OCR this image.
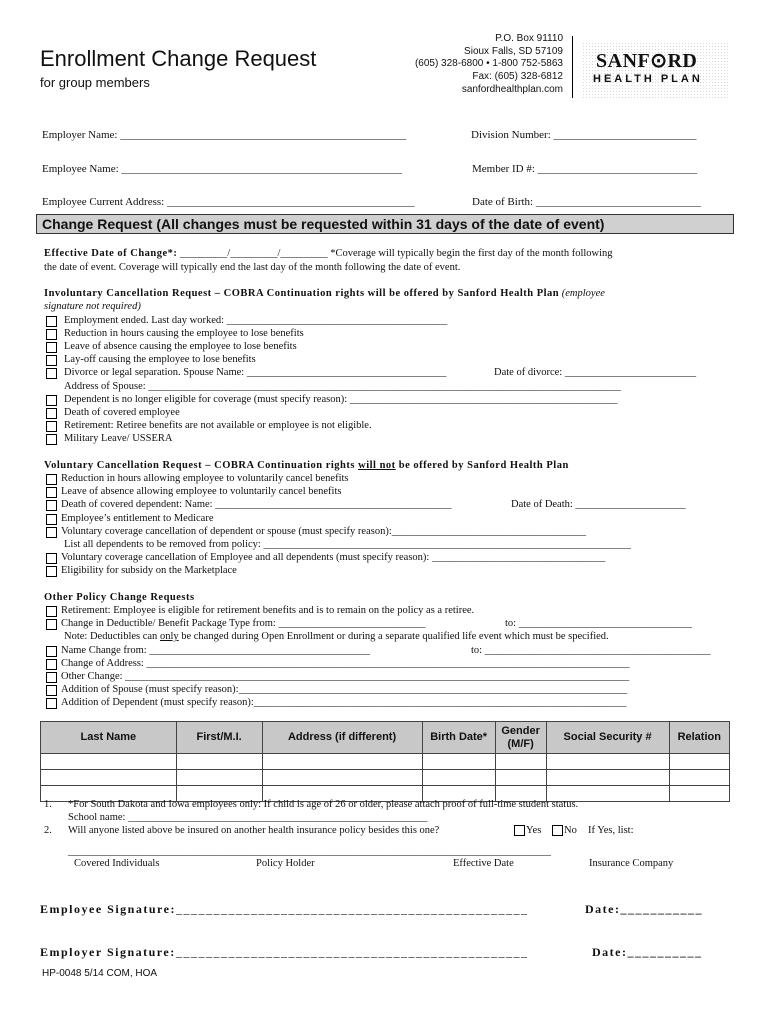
Enrollment Change Request
for group members
P.O. Box 91110
Sioux Falls, SD 57109
(605) 328-6800 • 1-800 752-5863
Fax: (605) 328-6812
sanfordhealthplan.com
SANF⊙RD
HEALTH PLAN
Employer Name: ____________________________________________________	Division Number: __________________________
Employee Name: ___________________________________________________	Member ID #: _____________________________
Employee Current Address: _____________________________________________	Date of Birth: ______________________________
Change Request (All changes must be requested within 31 days of the date of event)
Effective Date of Change*: _________/_________/_________ *Coverage will typically begin the first day of the month following
the date of event. Coverage will typically end the last day of the month following the date of event.
Involuntary Cancellation Request – COBRA Continuation rights will be offered by Sanford Health Plan (employee
signature not required)
Employment ended. Last day worked: __________________________________________
Reduction in hours causing the employee to lose benefits
Leave of absence causing the employee to lose benefits
Lay-off causing the employee to lose benefits
Divorce or legal separation. Spouse Name: ______________________________________	Date of divorce: _________________________
Address of Spouse: __________________________________________________________________________________________
Dependent is no longer eligible for coverage (must specify reason): ___________________________________________________
Death of covered employee
Retirement: Retiree benefits are not available or employee is not eligible.
Military Leave/ USSERA
Voluntary Cancellation Request – COBRA Continuation rights will not be offered by Sanford Health Plan
Reduction in hours allowing employee to voluntarily cancel benefits
Leave of absence allowing employee to voluntarily cancel benefits
Death of covered dependent: Name: _____________________________________________	Date of Death: _____________________
Employee’s entitlement to Medicare
Voluntary coverage cancellation of dependent or spouse (must specify reason):_____________________________________
List all dependents to be removed from policy: ______________________________________________________________________
Voluntary coverage cancellation of Employee and all dependents (must specify reason): _________________________________
Eligibility for subsidy on the Marketplace
Other Policy Change Requests
Retirement: Employee is eligible for retirement benefits and is to remain on the policy as a retiree.
Change in Deductible/ Benefit Package Type from: ____________________________	to: _________________________________
Note: Deductibles can only be changed during Open Enrollment or during a separate qualified life event which must be specified.
Name Change from: __________________________________________	to: ___________________________________________
Change of Address: ____________________________________________________________________________________________
Other Change: ________________________________________________________________________________________________
Addition of Spouse (must specify reason):__________________________________________________________________________
Addition of Dependent (must specify reason):_______________________________________________________________________
Last Name	First/M.I.	Address (if different)	Birth Date*	Gender (M/F)	Social Security #	Relation

1. *For South Dakota and Iowa employees only: If child is age of 26 or older, please attach proof of full-time student status.
School name: _________________________________________________________
2. Will anyone listed above be insured on another health insurance policy besides this one?	Yes No If Yes, list:
____________________________________________________________________________________________
Covered Individuals	Policy Holder	Effective Date	Insurance Company
Employee Signature: _______________________________________________	Date:___________
Employer Signature: _______________________________________________	Date:__________
HP-0048 5/14 COM, HOA
